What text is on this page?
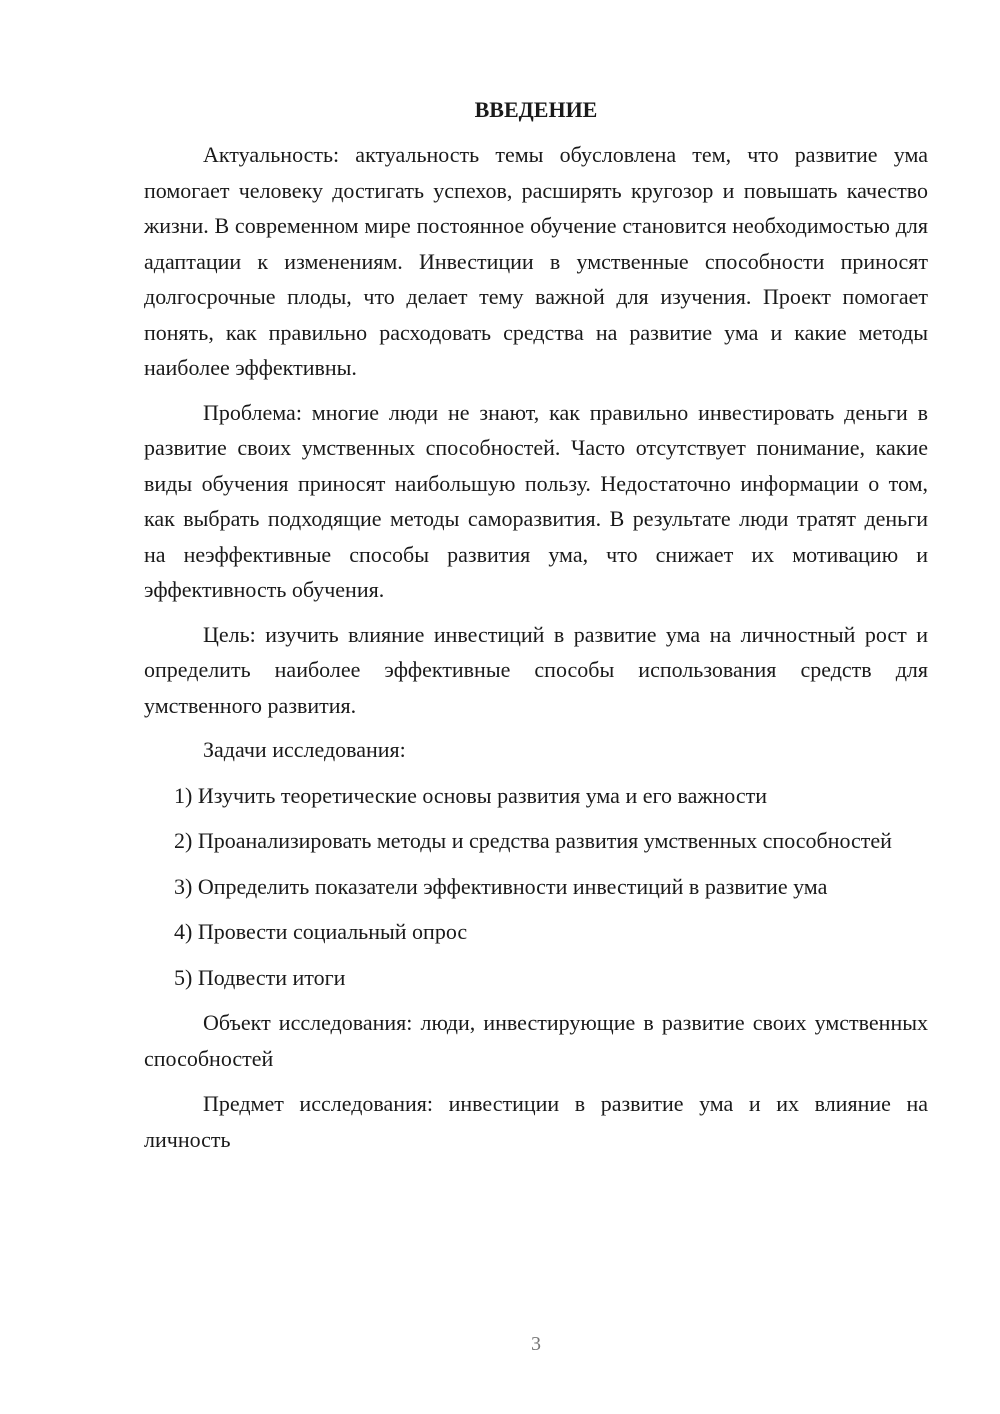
ВВЕДЕНИЕ

Актуальность: актуальность темы обусловлена тем, что развитие ума помогает человеку достигать успехов, расширять кругозор и повышать качество жизни. В современном мире постоянное обучение становится необходимостью для адаптации к изменениям. Инвестиции в умственные способности приносят долгосрочные плоды, что делает тему важной для изучения. Проект помогает понять, как правильно расходовать средства на развитие ума и какие методы наиболее эффективны.

Проблема: многие люди не знают, как правильно инвестировать деньги в развитие своих умственных способностей. Часто отсутствует понимание, какие виды обучения приносят наибольшую пользу. Недостаточно информации о том, как выбрать подходящие методы саморазвития. В результате люди тратят деньги на неэффективные способы развития ума, что снижает их мотивацию и эффективность обучения.

Цель: изучить влияние инвестиций в развитие ума на личностный рост и определить наиболее эффективные способы использования средств для умственного развития.

Задачи исследования:

1) Изучить теоретические основы развития ума и его важности

2) Проанализировать методы и средства развития умственных способностей

3) Определить показатели эффективности инвестиций в развитие ума

4) Провести социальный опрос

5) Подвести итоги

Объект исследования: люди, инвестирующие в развитие своих умственных способностей

Предмет исследования: инвестиции в развитие ума и их влияние на личность

3
